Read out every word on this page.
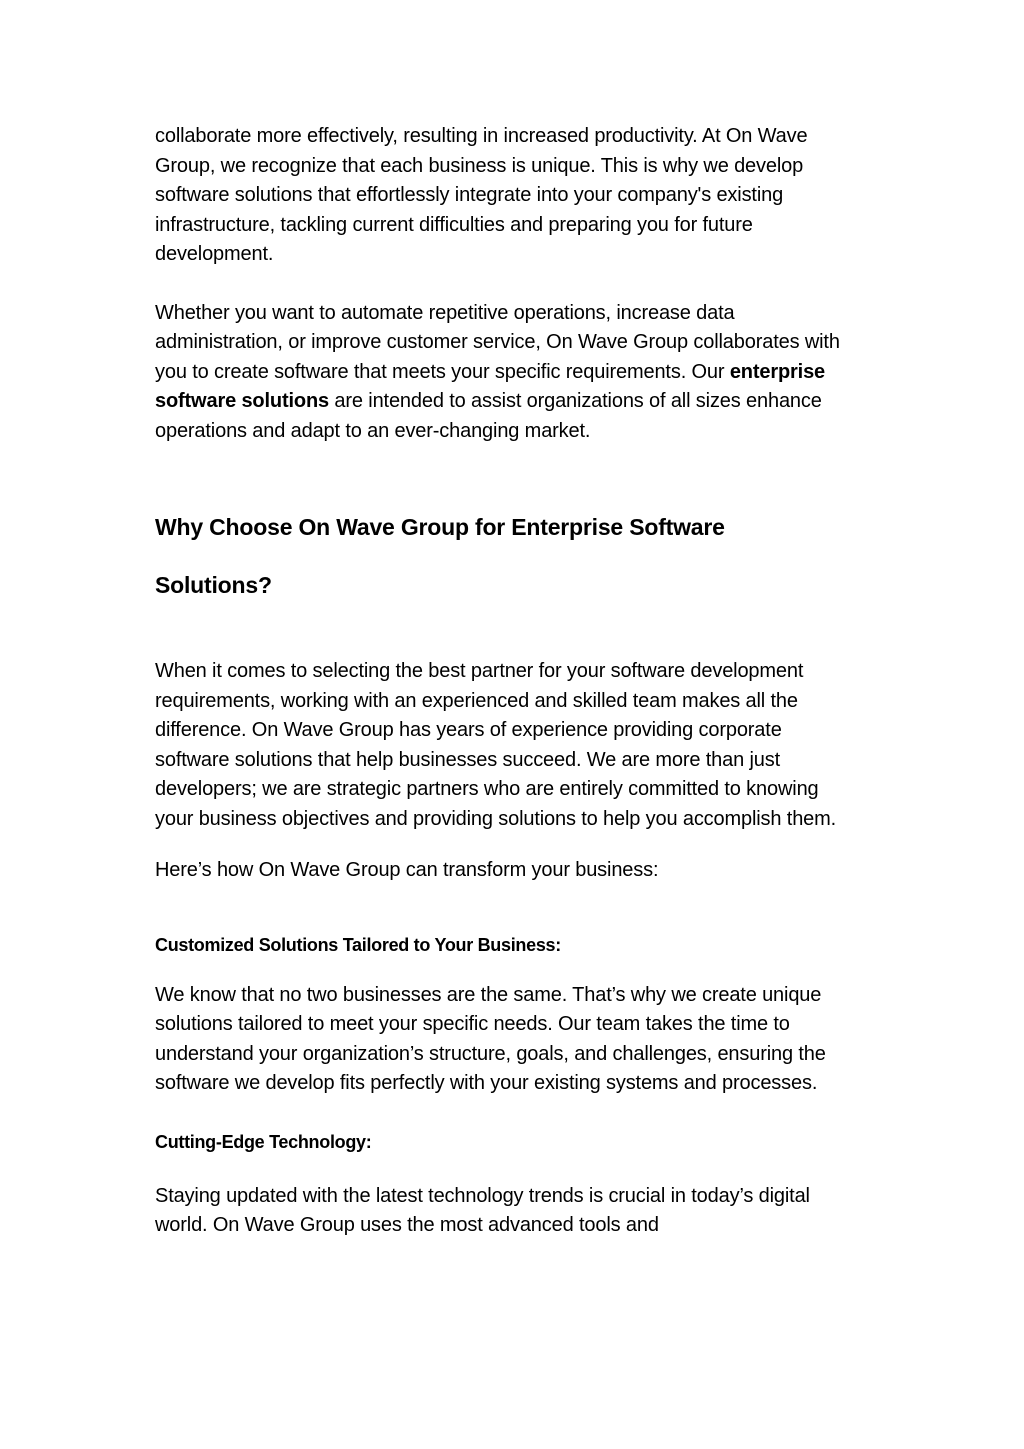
collaborate more effectively, resulting in increased productivity. At On Wave Group, we recognize that each business is unique. This is why we develop software solutions that effortlessly integrate into your company's existing infrastructure, tackling current difficulties and preparing you for future development.

Whether you want to automate repetitive operations, increase data administration, or improve customer service, On Wave Group collaborates with you to create software that meets your specific requirements. Our enterprise software solutions are intended to assist organizations of all sizes enhance operations and adapt to an ever-changing market.

Why Choose On Wave Group for Enterprise Software
Solutions?

When it comes to selecting the best partner for your software development requirements, working with an experienced and skilled team makes all the difference. On Wave Group has years of experience providing corporate software solutions that help businesses succeed. We are more than just developers; we are strategic partners who are entirely committed to knowing your business objectives and providing solutions to help you accomplish them.

Here’s how On Wave Group can transform your business:

Customized Solutions Tailored to Your Business:

We know that no two businesses are the same. That’s why we create unique solutions tailored to meet your specific needs. Our team takes the time to understand your organization’s structure, goals, and challenges, ensuring the software we develop fits perfectly with your existing systems and processes.

Cutting-Edge Technology:

Staying updated with the latest technology trends is crucial in today’s digital world. On Wave Group uses the most advanced tools and
